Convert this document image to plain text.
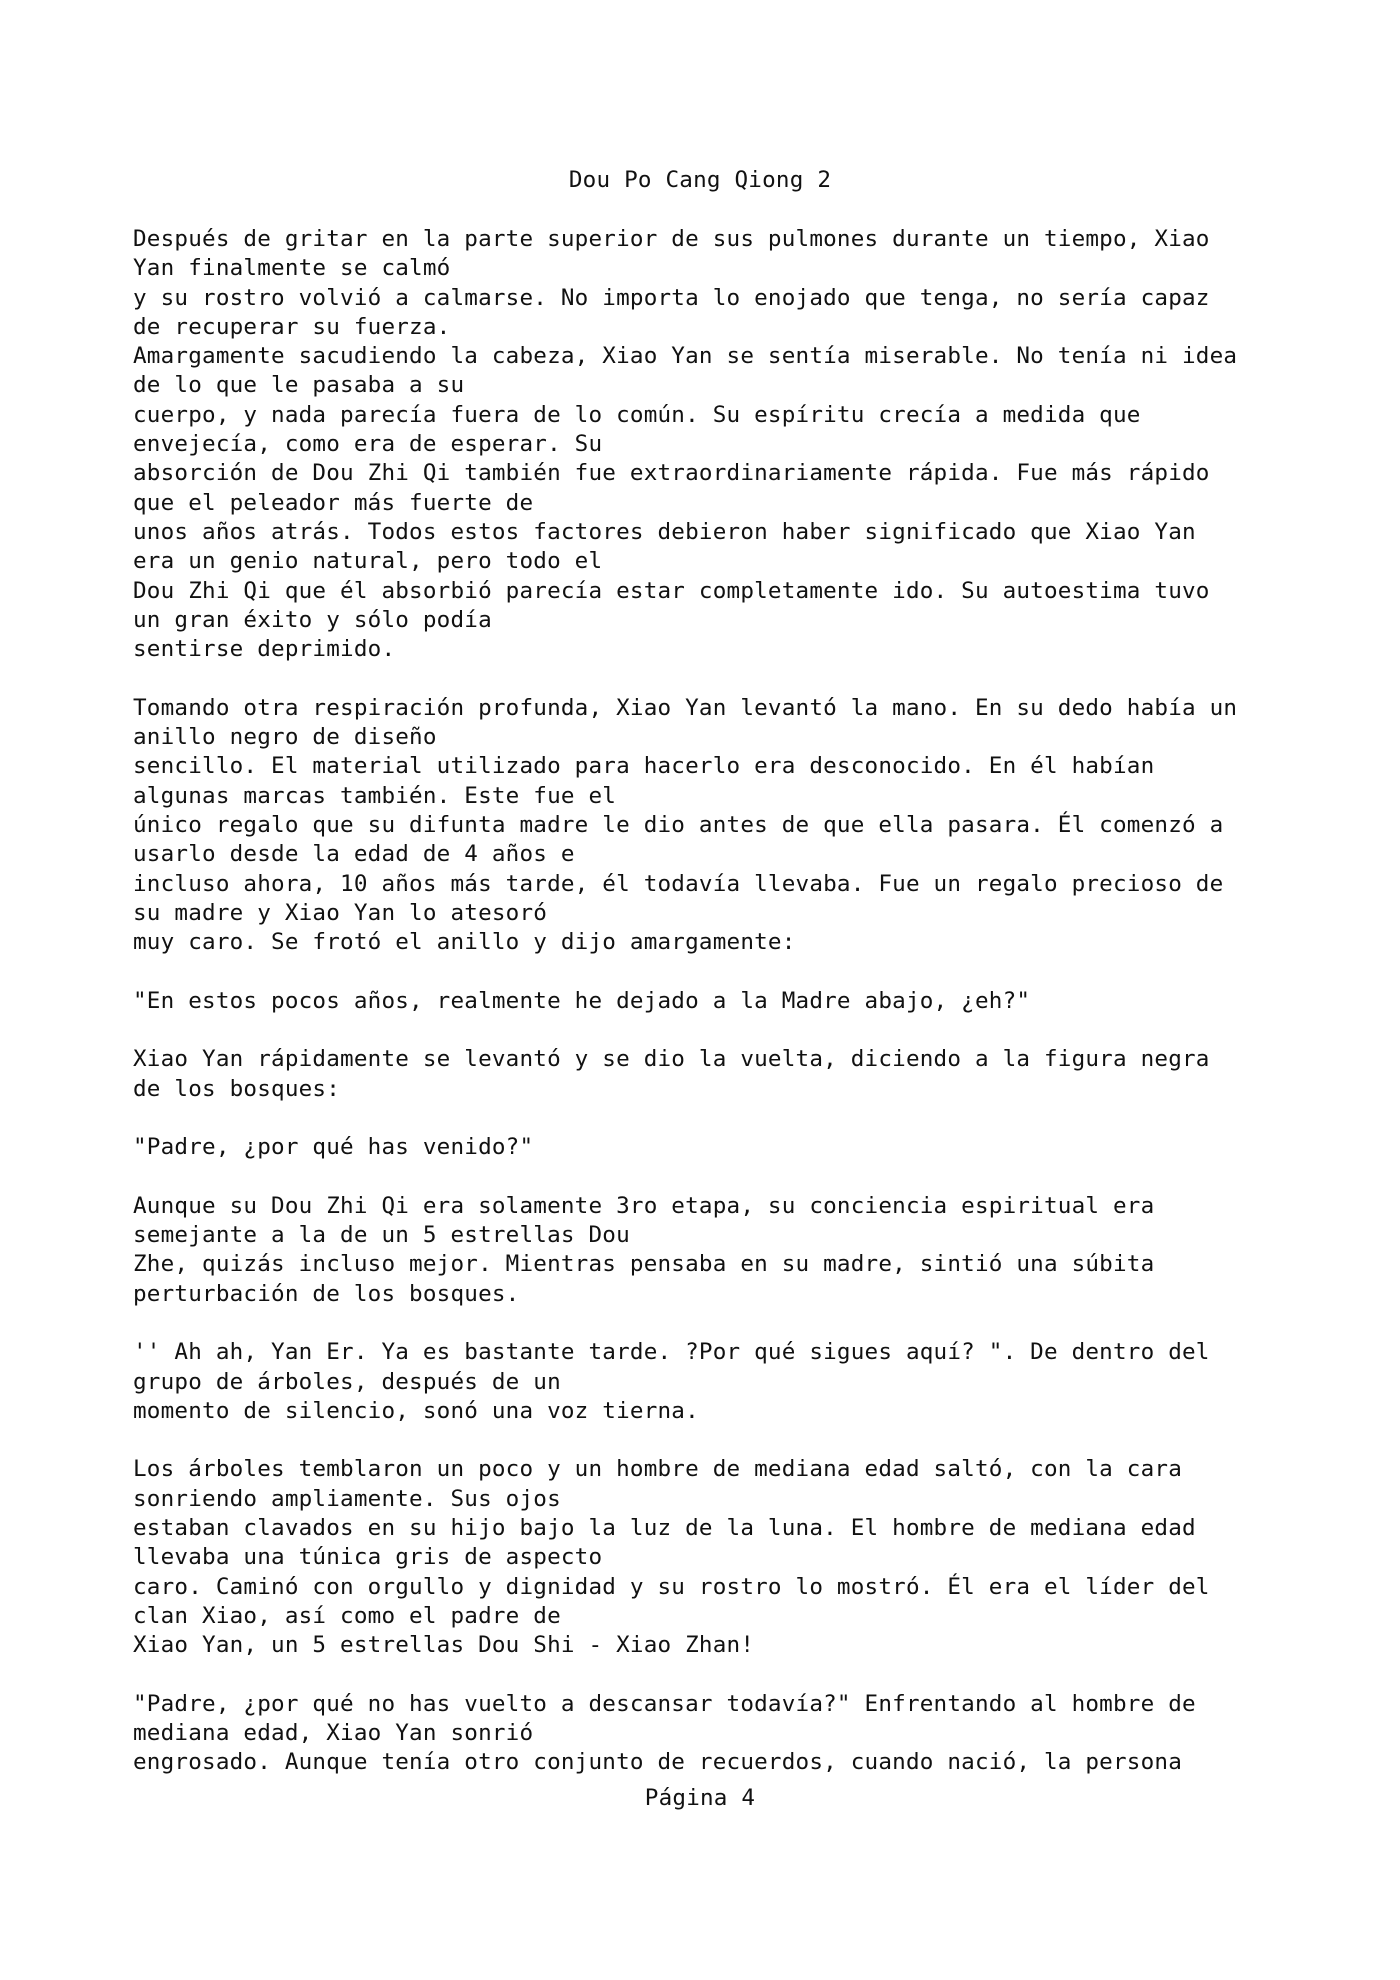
Dou Po Cang Qiong 2
Después de gritar en la parte superior de sus pulmones durante un tiempo, Xiao
Yan finalmente se calmó
y su rostro volvió a calmarse. No importa lo enojado que tenga, no sería capaz
de recuperar su fuerza.
Amargamente sacudiendo la cabeza, Xiao Yan se sentía miserable. No tenía ni idea
de lo que le pasaba a su
cuerpo, y nada parecía fuera de lo común. Su espíritu crecía a medida que
envejecía, como era de esperar. Su
absorción de Dou Zhi Qi también fue extraordinariamente rápida. Fue más rápido
que el peleador más fuerte de
unos años atrás. Todos estos factores debieron haber significado que Xiao Yan
era un genio natural, pero todo el
Dou Zhi Qi que él absorbió parecía estar completamente ido. Su autoestima tuvo
un gran éxito y sólo podía
sentirse deprimido.
Tomando otra respiración profunda, Xiao Yan levantó la mano. En su dedo había un
anillo negro de diseño
sencillo. El material utilizado para hacerlo era desconocido. En él habían
algunas marcas también. Este fue el
único regalo que su difunta madre le dio antes de que ella pasara. Él comenzó a
usarlo desde la edad de 4 años e
incluso ahora, 10 años más tarde, él todavía llevaba. Fue un regalo precioso de
su madre y Xiao Yan lo atesoró
muy caro. Se frotó el anillo y dijo amargamente:
"En estos pocos años, realmente he dejado a la Madre abajo, ¿eh?"
Xiao Yan rápidamente se levantó y se dio la vuelta, diciendo a la figura negra
de los bosques:
"Padre, ¿por qué has venido?"
Aunque su Dou Zhi Qi era solamente 3ro etapa, su conciencia espiritual era
semejante a la de un 5 estrellas Dou
Zhe, quizás incluso mejor. Mientras pensaba en su madre, sintió una súbita
perturbación de los bosques.
'' Ah ah, Yan Er. Ya es bastante tarde. ?Por qué sigues aquí? ". De dentro del
grupo de árboles, después de un
momento de silencio, sonó una voz tierna.
Los árboles temblaron un poco y un hombre de mediana edad saltó, con la cara
sonriendo ampliamente. Sus ojos
estaban clavados en su hijo bajo la luz de la luna. El hombre de mediana edad
llevaba una túnica gris de aspecto
caro. Caminó con orgullo y dignidad y su rostro lo mostró. Él era el líder del
clan Xiao, así como el padre de
Xiao Yan, un 5 estrellas Dou Shi - Xiao Zhan!
"Padre, ¿por qué no has vuelto a descansar todavía?" Enfrentando al hombre de
mediana edad, Xiao Yan sonrió
engrosado. Aunque tenía otro conjunto de recuerdos, cuando nació, la persona
Página 4
